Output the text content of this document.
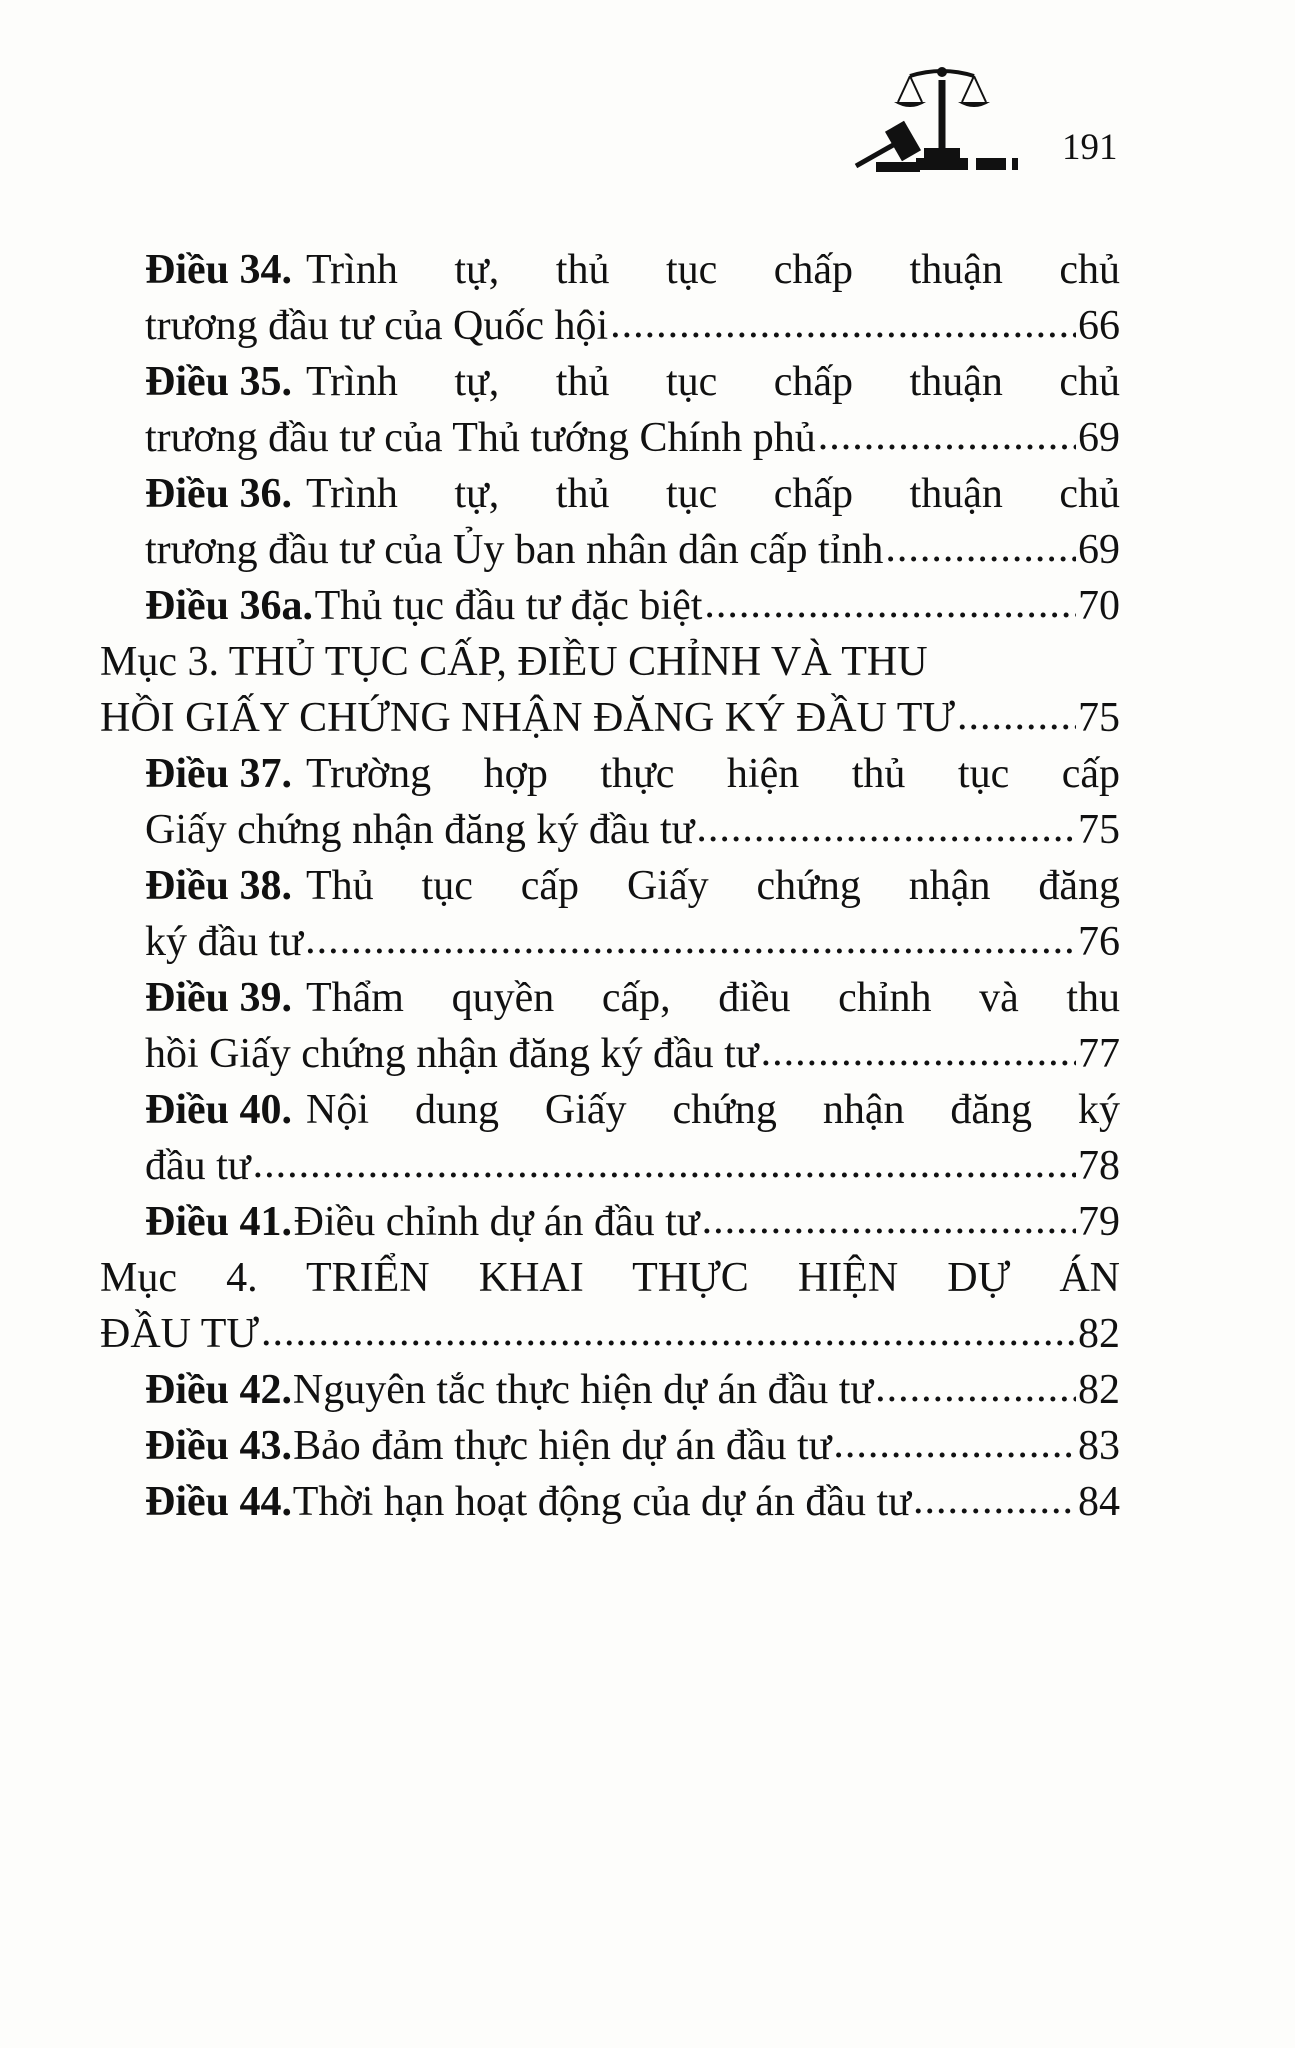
191
Điều 34. Trình tự, thủ tục chấp thuận chủ
trương đầu tư của Quốc hội .....	66
Điều 35. Trình tự, thủ tục chấp thuận chủ
trương đầu tư của Thủ tướng Chính phủ .....	69
Điều 36. Trình tự, thủ tục chấp thuận chủ
trương đầu tư của Ủy ban nhân dân cấp tỉnh .....	69
Điều 36a. Thủ tục đầu tư đặc biệt .....	70
Mục 3. THỦ TỤC CẤP, ĐIỀU CHỈNH VÀ THU
HỒI GIẤY CHỨNG NHẬN ĐĂNG KÝ ĐẦU TƯ .....	75
Điều 37. Trường hợp thực hiện thủ tục cấp
Giấy chứng nhận đăng ký đầu tư .....	75
Điều 38. Thủ tục cấp Giấy chứng nhận đăng
ký đầu tư .....	76
Điều 39. Thẩm quyền cấp, điều chỉnh và thu
hồi Giấy chứng nhận đăng ký đầu tư .....	77
Điều 40. Nội dung Giấy chứng nhận đăng ký
đầu tư .....	78
Điều 41. Điều chỉnh dự án đầu tư .....	79
Mục 4. TRIỂN KHAI THỰC HIỆN DỰ ÁN
ĐẦU TƯ .....	82
Điều 42. Nguyên tắc thực hiện dự án đầu tư .....	82
Điều 43. Bảo đảm thực hiện dự án đầu tư .....	83
Điều 44. Thời hạn hoạt động của dự án đầu tư .....	84
